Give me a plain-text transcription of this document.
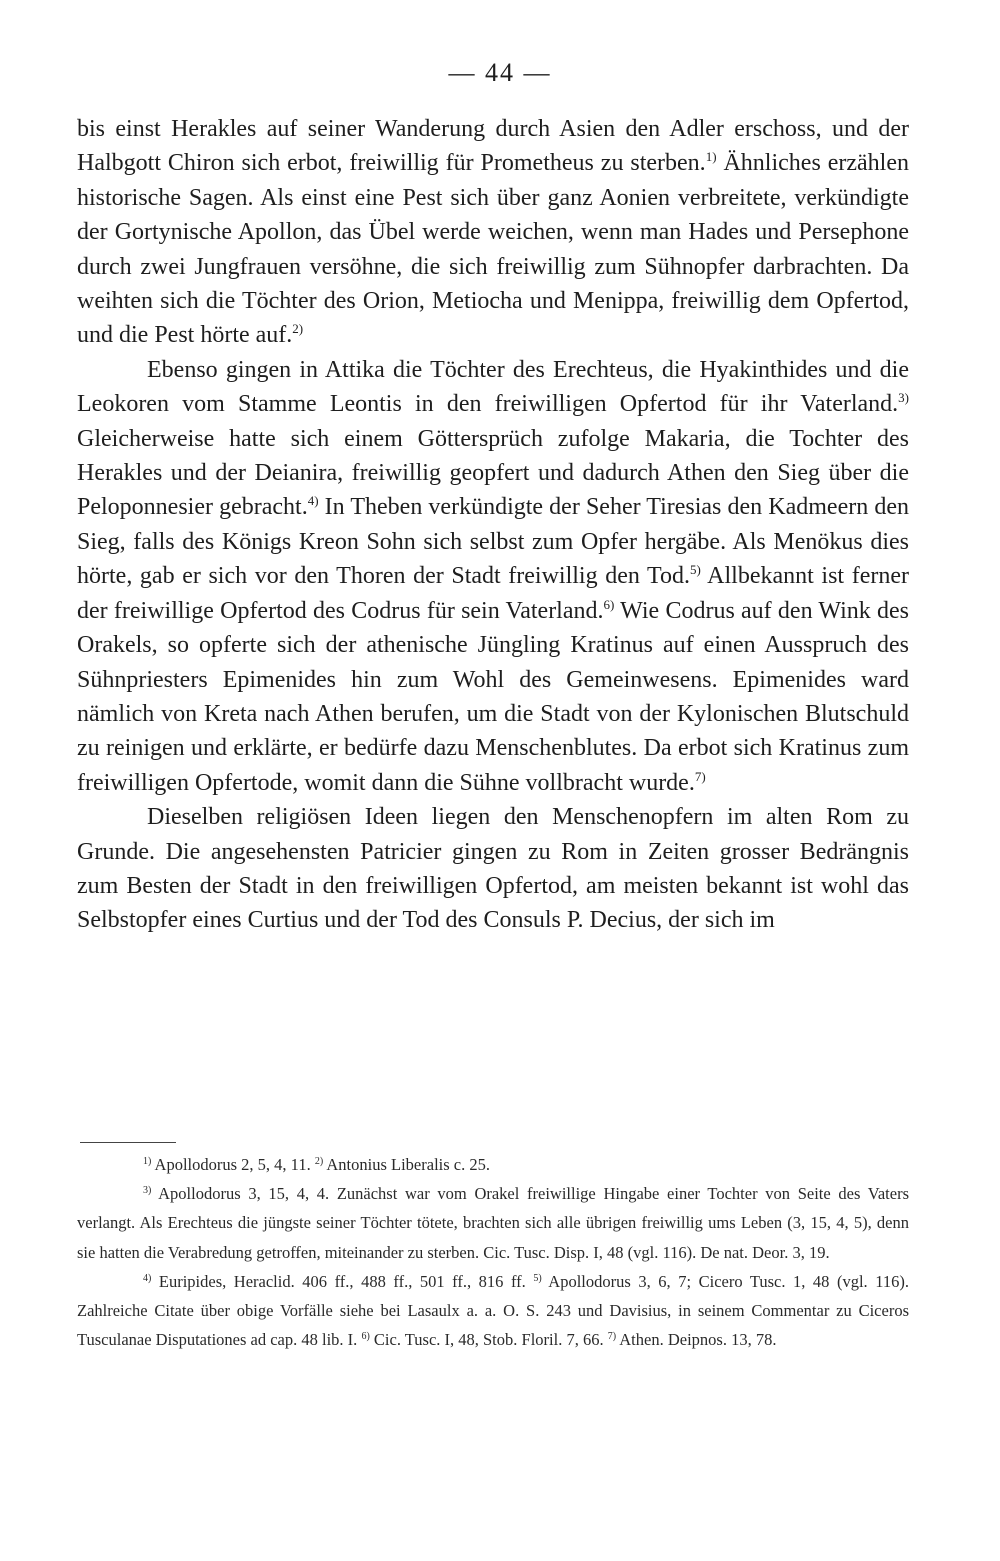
— 44 —

bis einst Herakles auf seiner Wanderung durch Asien den Adler erschoss, und der Halbgott Chiron sich erbot, freiwillig für Prometheus zu sterben.$^{1)}$ Ähnliches erzählen historische Sagen. Als einst eine Pest sich über ganz Aonien verbreitete, verkündigte der Gortynische Apollon, das Übel werde weichen, wenn man Hades und Persephone durch zwei Jungfrauen versöhne, die sich freiwillig zum Sühnopfer darbrachten. Da weihten sich die Töchter des Orion, Metiocha und Menippa, freiwillig dem Opfertod, und die Pest hörte auf.$^{2)}$

Ebenso gingen in Attika die Töchter des Erechteus, die Hyakinthides und die Leokoren vom Stamme Leontis in den freiwilligen Opfertod für ihr Vaterland.$^{3)}$ Gleicherweise hatte sich einem Göttersprüch zufolge Makaria, die Tochter des Herakles und der Deianira, freiwillig geopfert und dadurch Athen den Sieg über die Peloponnesier gebracht.$^{4)}$ In Theben verkündigte der Seher Tiresias den Kadmeern den Sieg, falls des Königs Kreon Sohn sich selbst zum Opfer hergäbe. Als Menökus dies hörte, gab er sich vor den Thoren der Stadt freiwillig den Tod.$^{5)}$ Allbekannt ist ferner der freiwillige Opfertod des Codrus für sein Vaterland.$^{6)}$ Wie Codrus auf den Wink des Orakels, so opferte sich der athenische Jüngling Kratinus auf einen Ausspruch des Sühnpriesters Epimenides hin zum Wohl des Gemeinwesens. Epimenides ward nämlich von Kreta nach Athen berufen, um die Stadt von der Kylonischen Blutschuld zu reinigen und erklärte, er bedürfe dazu Menschenblutes. Da erbot sich Kratinus zum freiwilligen Opfertode, womit dann die Sühne vollbracht wurde.$^{7)}$

Dieselben religiösen Ideen liegen den Menschenopfern im alten Rom zu Grunde. Die angesehensten Patricier gingen zu Rom in Zeiten grosser Bedrängnis zum Besten der Stadt in den freiwilligen Opfertod, am meisten bekannt ist wohl das Selbstopfer eines Curtius und der Tod des Consuls P. Decius, der sich im

$^{1)}$ Apollodorus 2, 5, 4, 11. $^{2)}$ Antonius Liberalis c. 25.

$^{3)}$ Apollodorus 3, 15, 4, 4. Zunächst war vom Orakel freiwillige Hingabe einer Tochter von Seite des Vaters verlangt. Als Erechteus die jüngste seiner Töchter tötete, brachten sich alle übrigen freiwillig ums Leben (3, 15, 4, 5), denn sie hatten die Verabredung getroffen, miteinander zu sterben. Cic. Tusc. Disp. I, 48 (vgl. 116). De nat. Deor. 3, 19.

$^{4)}$ Euripides, Heraclid. 406 ff., 488 ff., 501 ff., 816 ff. $^{5)}$ Apollodorus 3, 6, 7; Cicero Tusc. 1, 48 (vgl. 116). Zahlreiche Citate über obige Vorfälle siehe bei Lasaulx a. a. O. S. 243 und Davisius, in seinem Commentar zu Ciceros Tusculanae Disputationes ad cap. 48 lib. I. $^{6)}$ Cic. Tusc. I, 48, Stob. Floril. 7, 66. $^{7)}$ Athen. Deipnos. 13, 78.
